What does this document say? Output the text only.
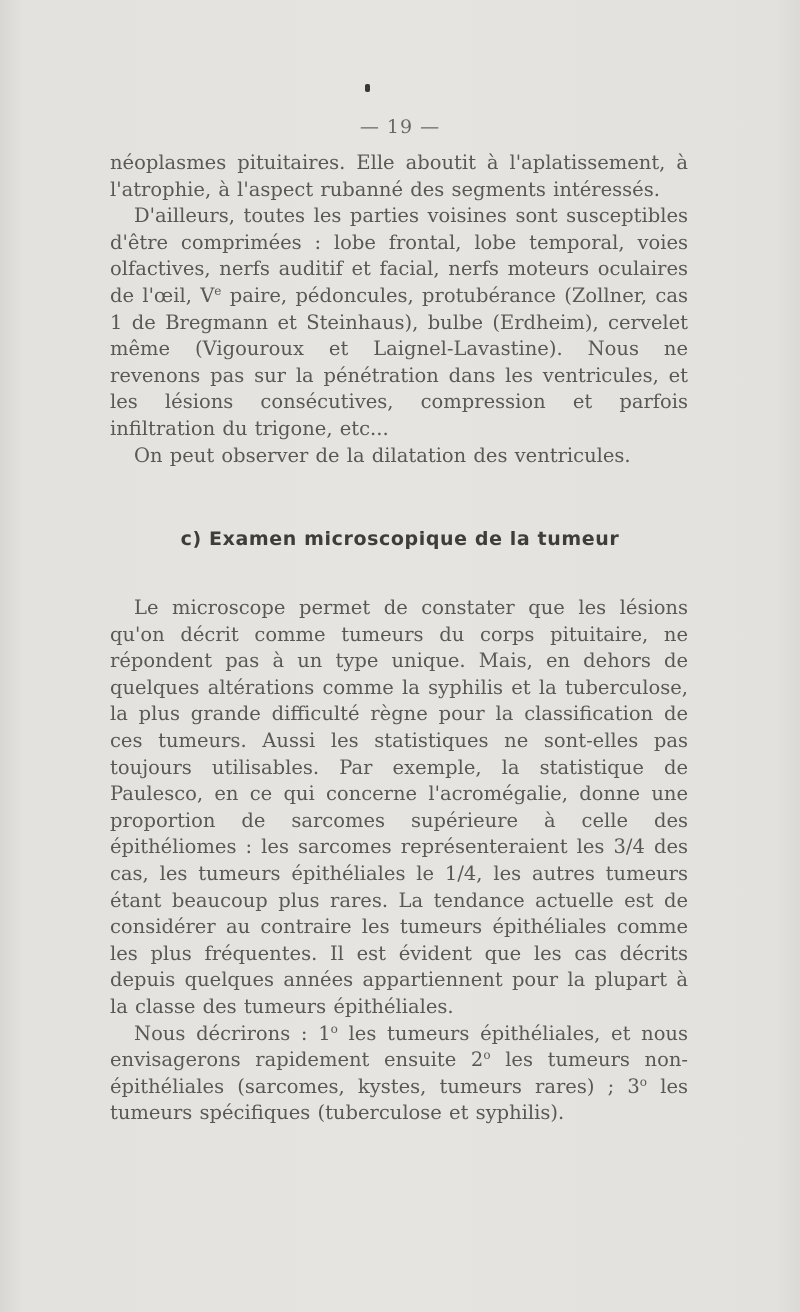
— 19 —

néoplasmes pituitaires. Elle aboutit à l'aplatissement, à l'atrophie, à l'aspect rubanné des segments intéressés.

D'ailleurs, toutes les parties voisines sont susceptibles d'être comprimées : lobe frontal, lobe temporal, voies olfactives, nerfs auditif et facial, nerfs moteurs oculaires de l'œil, Ve paire, pédoncules, protubérance (Zollner, cas 1 de Bregmann et Steinhaus), bulbe (Erdheim), cervelet même (Vigouroux et Laignel-Lavastine). Nous ne revenons pas sur la pénétration dans les ventricules, et les lésions consécutives, compression et parfois infiltration du trigone, etc...

On peut observer de la dilatation des ventricules.

c) Examen microscopique de la tumeur

Le microscope permet de constater que les lésions qu'on décrit comme tumeurs du corps pituitaire, ne répondent pas à un type unique. Mais, en dehors de quelques altérations comme la syphilis et la tuberculose, la plus grande difficulté règne pour la classification de ces tumeurs. Aussi les statistiques ne sont-elles pas toujours utilisables. Par exemple, la statistique de Paulesco, en ce qui concerne l'acromégalie, donne une proportion de sarcomes supérieure à celle des épithéliomes : les sarcomes représenteraient les 3/4 des cas, les tumeurs épithéliales le 1/4, les autres tumeurs étant beaucoup plus rares. La tendance actuelle est de considérer au contraire les tumeurs épithéliales comme les plus fréquentes. Il est évident que les cas décrits depuis quelques années appartiennent pour la plupart à la classe des tumeurs épithéliales.

Nous décrirons : 1$^o$ les tumeurs épithéliales, et nous envisagerons rapidement ensuite 2$^o$ les tumeurs non-épithéliales (sarcomes, kystes, tumeurs rares) ; 3$^o$ les tumeurs spécifiques (tuberculose et syphilis).
